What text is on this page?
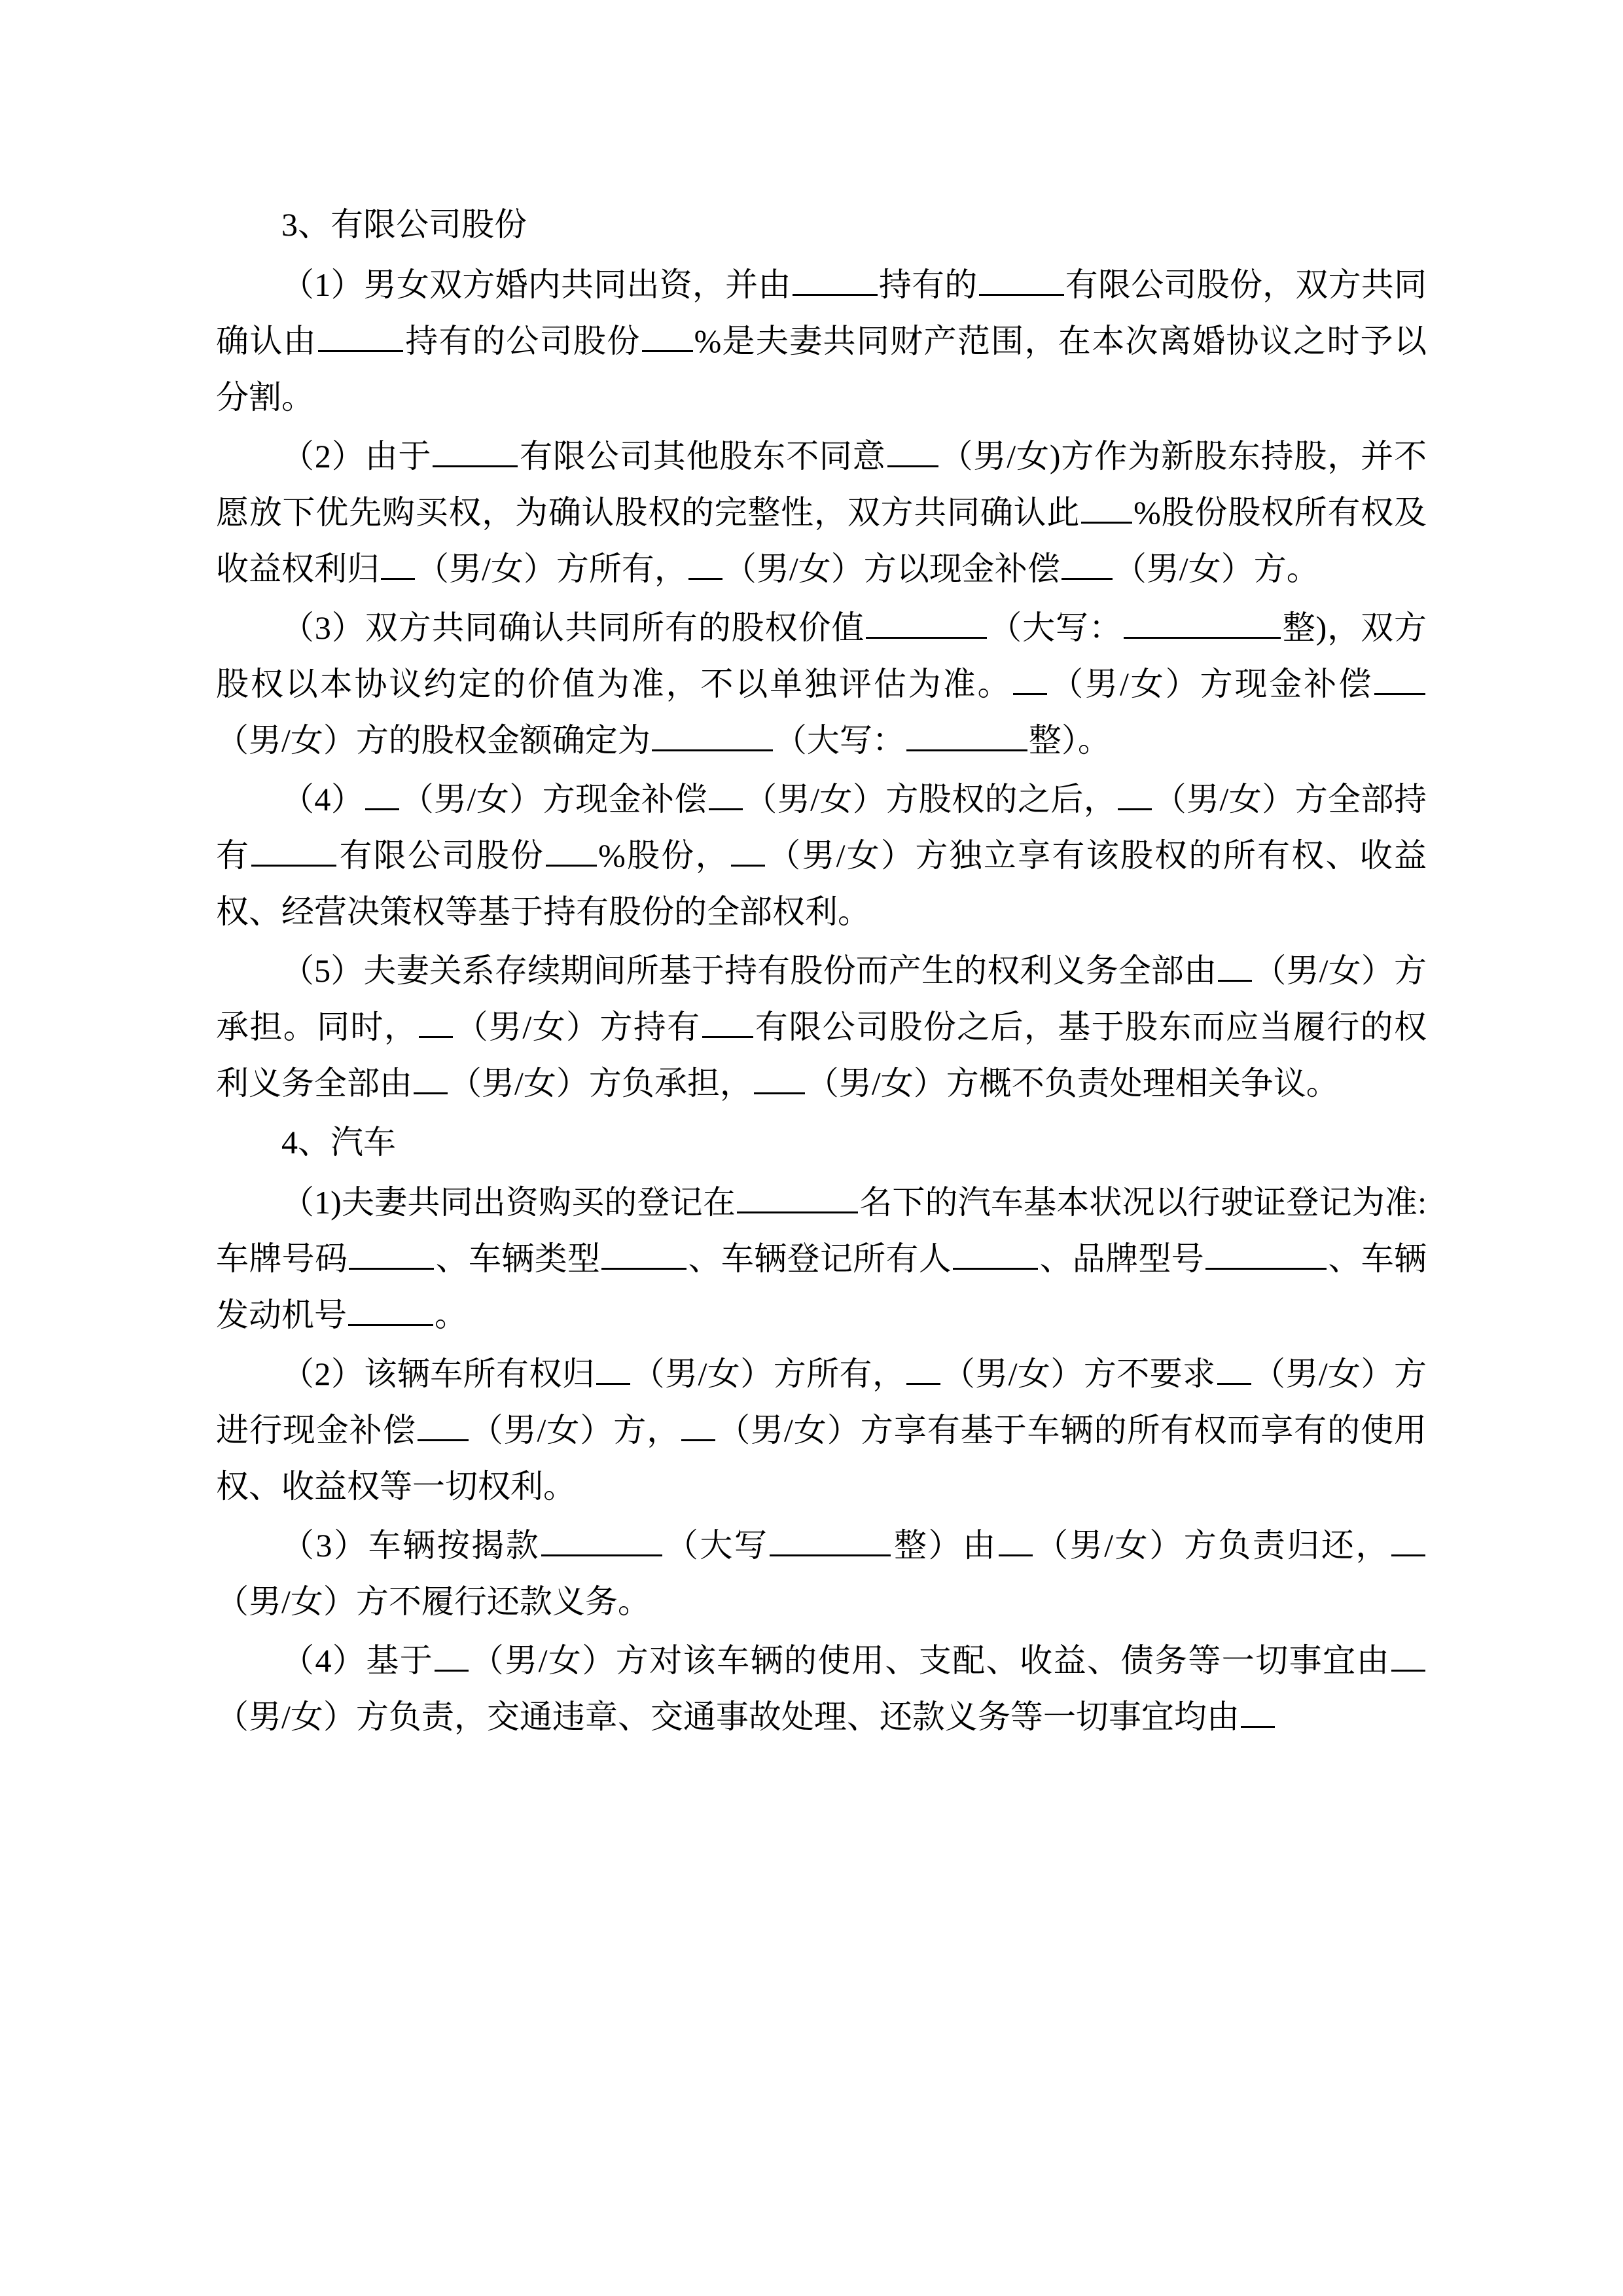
3、有限公司股份

（1）男女双方婚内共同出资，并由	持有的	有限公司股份，双方共同确认由	持有的公司股份 %是夫妻共同财产范围，在本次离婚协议之时予以分割。

（2）由于	有限公司其他股东不同意 （男/女)方作为新股东持股，并不愿放下优先购买权，为确认股权的完整性，双方共同确认此 %股份股权所有权及收益权利归 （男/女）方所有， （男/女）方以现金补偿 （男/女）方。

（3）双方共同确认共同所有的股权价值	（大写：	整)，双方股权以本协议约定的价值为准，不以单独评估为准。 （男/女）方现金补偿（男/女）方的股权金额确定为	（大写：	整）。

（4） （男/女）方现金补偿 （男/女）方股权的之后， （男/女）方全部持有	有限公司股份 %股份， （男/女）方独立享有该股权的所有权、收益权、经营决策权等基于持有股份的全部权利。

（5）夫妻关系存续期间所基于持有股份而产生的权利义务全部由 （男/女）方承担。同时， （男/女）方持有 有限公司股份之后，基于股东而应当履行的权利义务全部由 （男/女）方负承担， （男/女）方概不负责处理相关争议。

4、汽车

（1)夫妻共同出资购买的登记在	名下的汽车基本状况以行驶证登记为准: 车牌号码	、车辆类型	、车辆登记所有人	、品牌型号	、车辆发动机号	。

（2）该辆车所有权归 （男/女）方所有， （男/女）方不要求 （男/女）方进行现金补偿 （男/女）方， （男/女）方享有基于车辆的所有权而享有的使用权、收益权等一切权利。

（3）车辆按揭款	（大写	整）由 （男/女）方负责归还，（男/女）方不履行还款义务。

（4）基于 （男/女）方对该车辆的使用、支配、收益、债务等一切事宜由（男/女）方负责，交通违章、交通事故处理、还款义务等一切事宜均由
